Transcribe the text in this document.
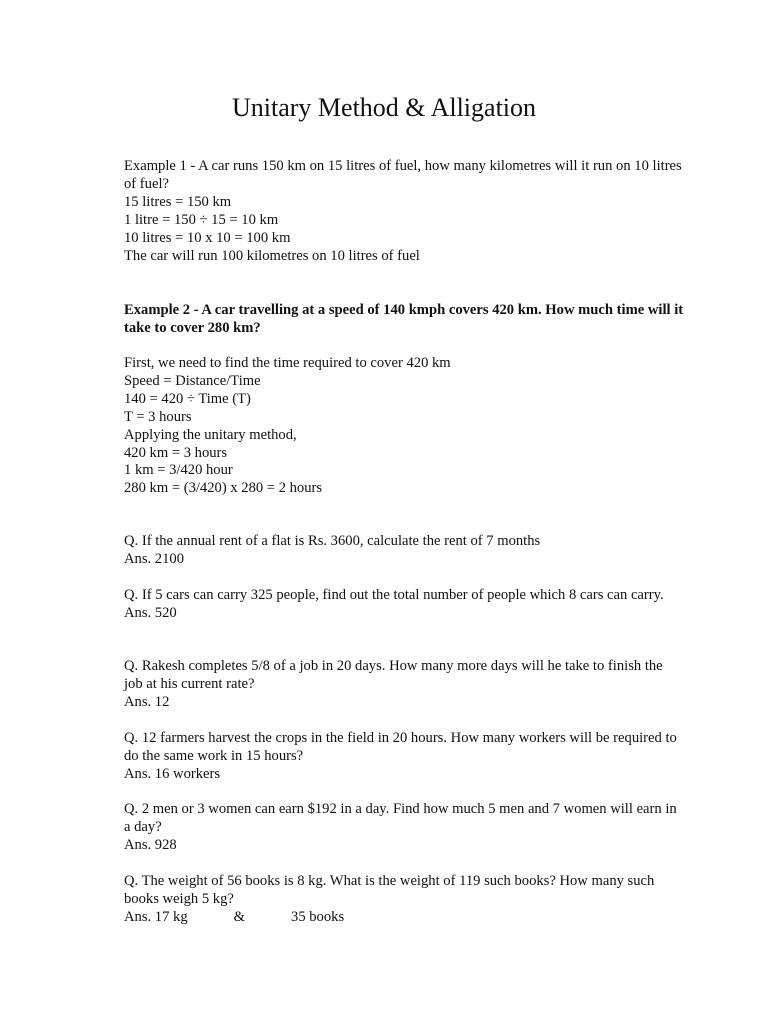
Unitary Method & Alligation

Example 1 - A car runs 150 km on 15 litres of fuel, how many kilometres will it run on 10 litres of fuel?

15 litres = 150 km

1 litre = 150 ÷ 15 = 10 km

10 litres = 10 x 10 = 100 km

The car will run 100 kilometres on 10 litres of fuel

Example 2 - A car travelling at a speed of 140 kmph covers 420 km. How much time will it take to cover 280 km?

First, we need to find the time required to cover 420 km

Speed = Distance/Time

140 = 420 ÷ Time (T)

T = 3 hours

Applying the unitary method,

420 km = 3 hours

1 km = 3/420 hour

280 km = (3/420) x 280 = 2 hours

Q. If the annual rent of a flat is Rs. 3600, calculate the rent of 7 months

Ans. 2100

Q. If 5 cars can carry 325 people, find out the total number of people which 8 cars can carry.

Ans. 520

Q. Rakesh completes 5/8 of a job in 20 days. How many more days will he take to finish the job at his current rate?

Ans. 12

Q. 12 farmers harvest the crops in the field in 20 hours. How many workers will be required to do the same work in 15 hours?

Ans. 16 workers

Q. 2 men or 3 women can earn $192 in a day. Find how much 5 men and 7 women will earn in a day?

Ans. 928

Q. The weight of 56 books is 8 kg. What is the weight of 119 such books? How many such books weigh 5 kg?

Ans. 17 kg	&	35 books
